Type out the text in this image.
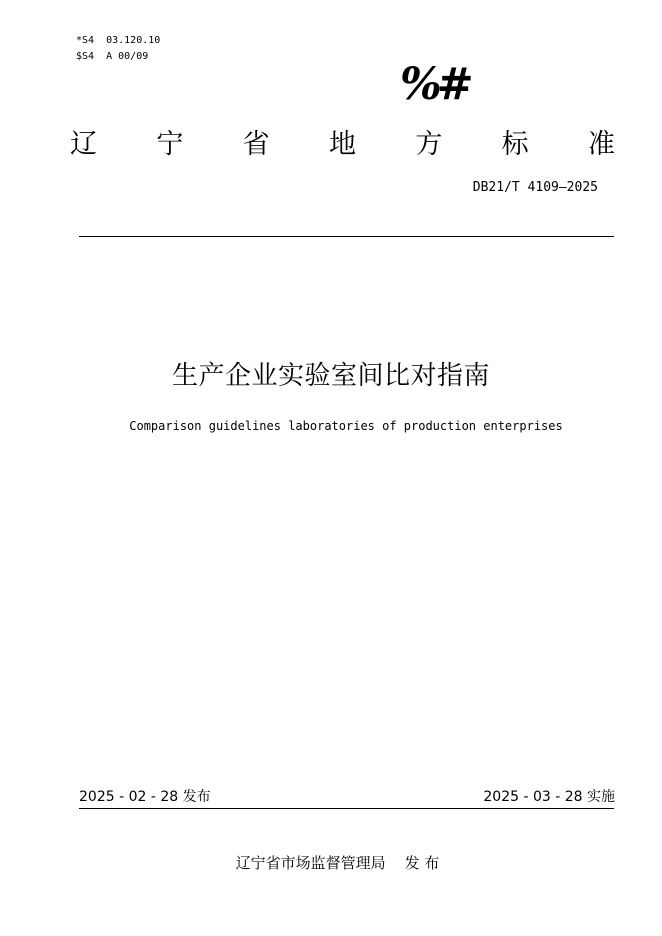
*S4  03.120.10
$S4  A 00/09
%#
辽 宁 省 地 方 标 准
DB21/T 4109—2025
生产企业实验室间比对指南
Comparison guidelines laboratories of production enterprises
2025 - 02 - 28 发布	2025 - 03 - 28 实施
辽宁省市场监督管理局    发 布
